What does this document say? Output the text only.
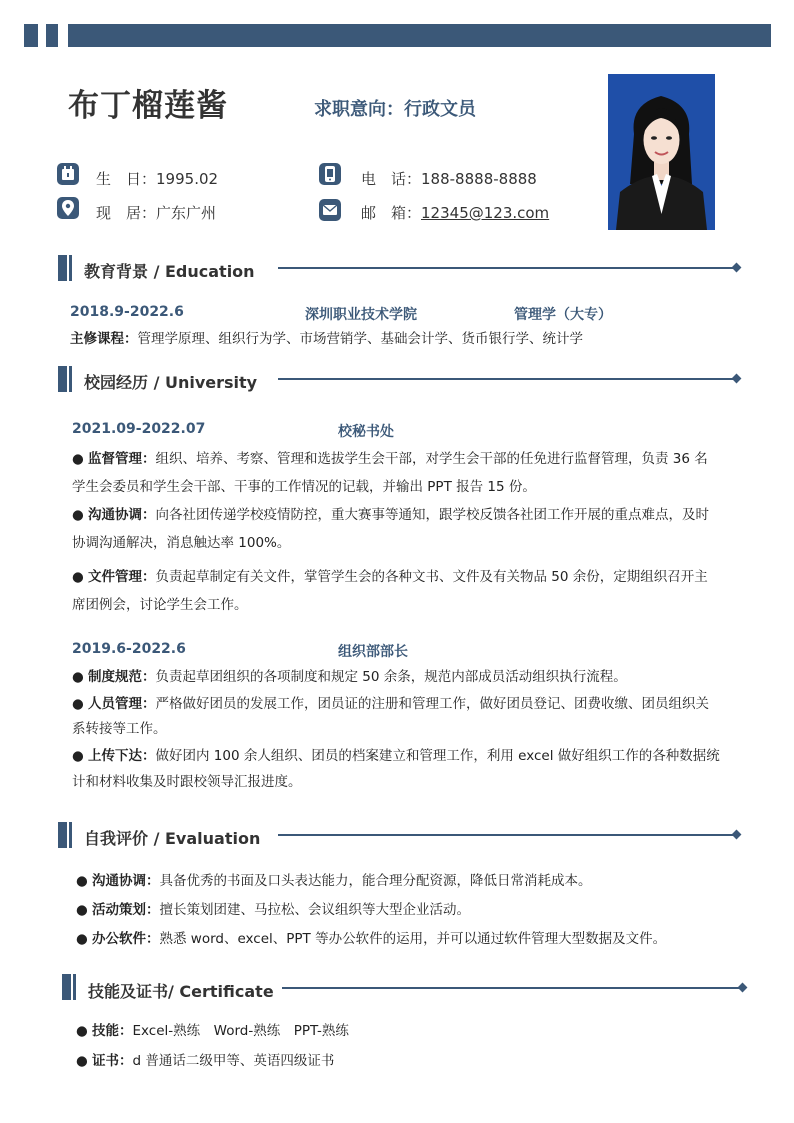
布丁榴莲酱	求职意向：行政文员
生　日：1995.02	电　话：188-8888-8888
现　居：广东广州	邮　箱：12345@123.com
教育背景 / Education
2018.9-2022.6	深圳职业技术学院	管理学（大专）
主修课程：管理学原理、组织行为学、市场营销学、基础会计学、货币银行学、统计学
校园经历 / University
2021.09-2022.07	校秘书处
● 监督管理：组织、培养、考察、管理和选拔学生会干部，对学生会干部的任免进行监督管理，负责 36 名
学生会委员和学生会干部、干事的工作情况的记载，并输出 PPT 报告 15 份。
● 沟通协调：向各社团传递学校疫情防控，重大赛事等通知，跟学校反馈各社团工作开展的重点难点，及时
协调沟通解决，消息触达率 100%。
● 文件管理：负责起草制定有关文件，掌管学生会的各种文书、文件及有关物品 50 余份，定期组织召开主
席团例会，讨论学生会工作。
2019.6-2022.6	组织部部长
● 制度规范：负责起草团组织的各项制度和规定 50 余条，规范内部成员活动组织执行流程。
● 人员管理：严格做好团员的发展工作，团员证的注册和管理工作，做好团员登记、团费收缴、团员组织关
系转接等工作。
● 上传下达：做好团内 100 余人组织、团员的档案建立和管理工作，利用 excel 做好组织工作的各种数据统
计和材料收集及时跟校领导汇报进度。
自我评价 / Evaluation
● 沟通协调：具备优秀的书面及口头表达能力，能合理分配资源，降低日常消耗成本。
● 活动策划：擅长策划团建、马拉松、会议组织等大型企业活动。
● 办公软件：熟悉 word、excel、PPT 等办公软件的运用，并可以通过软件管理大型数据及文件。
技能及证书/ Certificate
● 技能：Excel-熟练　Word-熟练　PPT-熟练
● 证书：d 普通话二级甲等、英语四级证书
